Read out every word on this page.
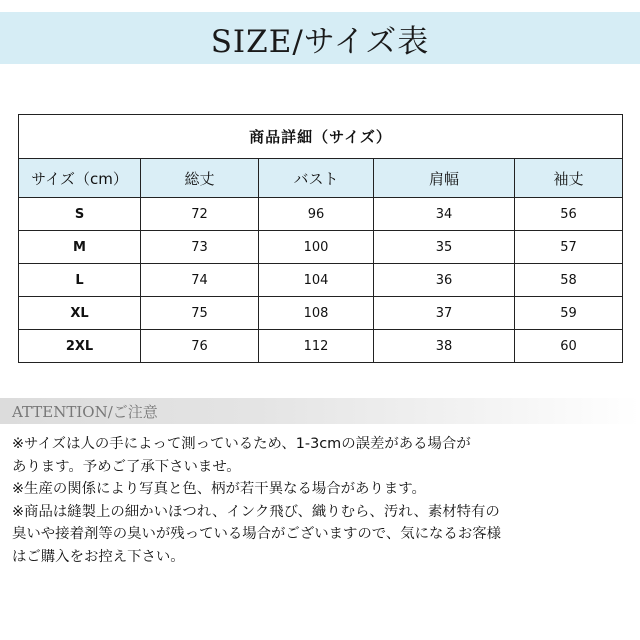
SIZE/サイズ表
商品詳細（サイズ）				
サイズ（cm）	総丈	バスト	肩幅	袖丈
S	72	96	34	56
M	73	100	35	57
L	74	104	36	58
XL	75	108	37	59
2XL	76	112	38	60
ATTENTION/ご注意
※サイズは人の手によって測っているため、1-3cmの誤差がある場合が
あります。予めご了承下さいませ。
※生産の関係により写真と色、柄が若干異なる場合があります。
※商品は縫製上の細かいほつれ、インク飛び、織りむら、汚れ、素材特有の
臭いや接着剤等の臭いが残っている場合がございますので、気になるお客様
はご購入をお控え下さい。
